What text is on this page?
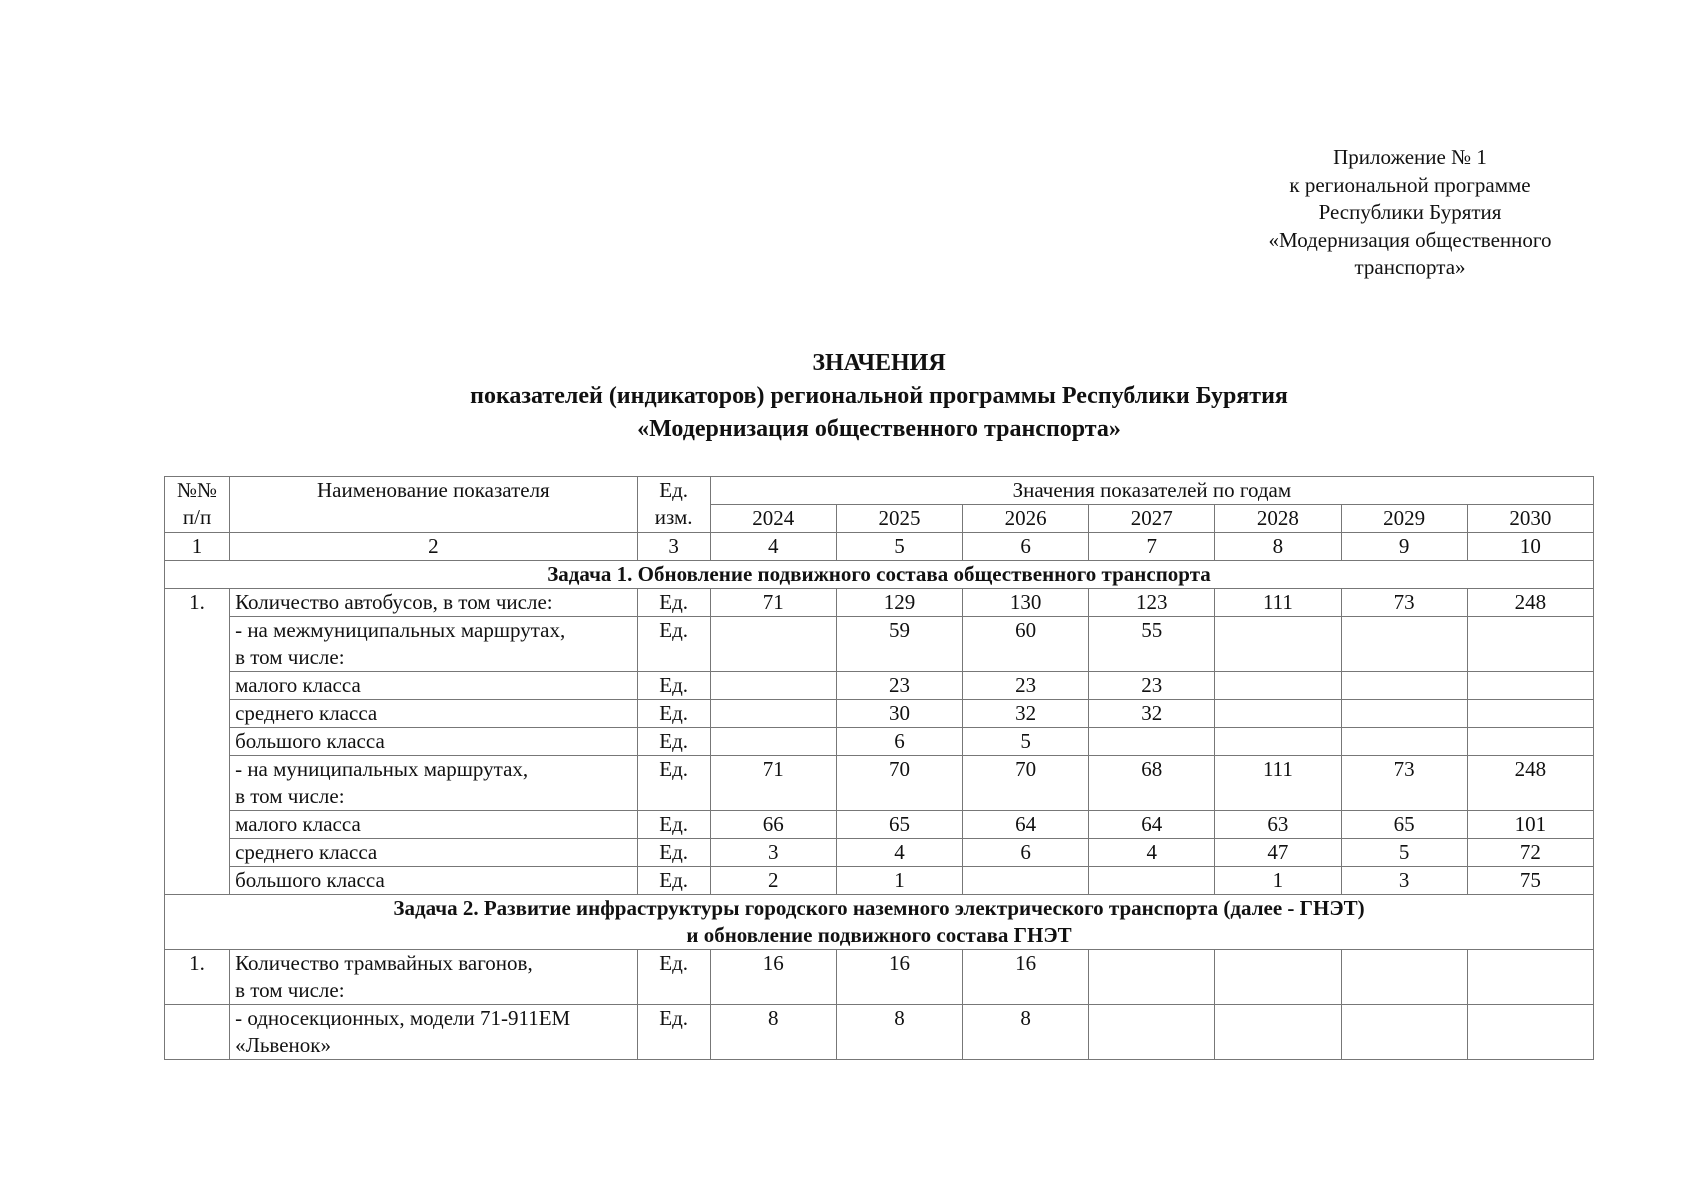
Приложение № 1
к региональной программе
Республики Бурятия
«Модернизация общественного
транспорта»
ЗНАЧЕНИЯ
показателей (индикаторов) региональной программы Республики Бурятия
«Модернизация общественного транспорта»
№№ п/п	Наименование показателя	Ед. изм.	Значения показателей по годам						
			2024	2025	2026	2027	2028	2029	2030
1	2	3	4	5	6	7	8	9	10
Задача 1. Обновление подвижного состава общественного транспорта									
1.	Количество автобусов, в том числе:	Ед.	71	129	130	123	111	73	248
	- на межмуниципальных маршрутах,
в том числе:	Ед.		59	60	55			
	малого класса	Ед.		23	23	23			
	среднего класса	Ед.		30	32	32			
	большого класса	Ед.		6	5				
	- на муниципальных маршрутах,
в том числе:	Ед.	71	70	70	68	111	73	248
	малого класса	Ед.	66	65	64	64	63	65	101
	среднего класса	Ед.	3	4	6	4	47	5	72
	большого класса	Ед.	2	1			1	3	75
Задача 2. Развитие инфраструктуры городского наземного электрического транспорта (далее - ГНЭТ)
и обновление подвижного состава ГНЭТ									
1.	Количество трамвайных вагонов,
в том числе:	Ед.	16	16	16				
	- односекционных, модели 71-911ЕМ
«Львенок»	Ед.	8	8	8				
